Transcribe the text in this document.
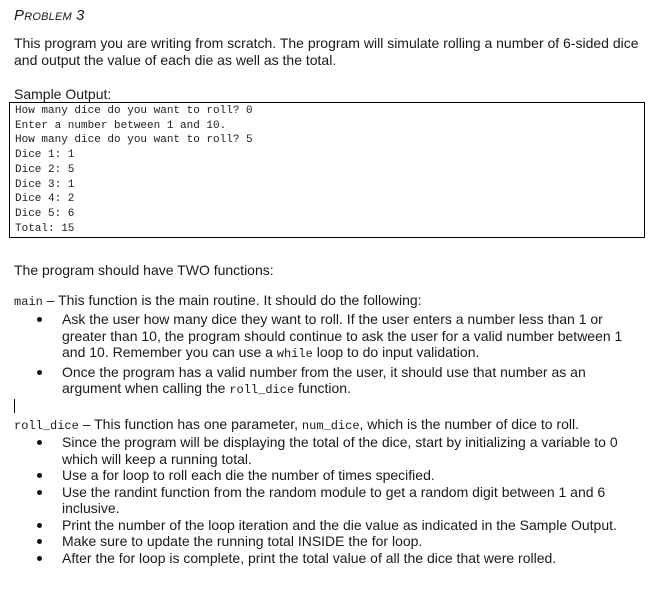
PROBLEM 3
This program you are writing from scratch. The program will simulate rolling a number of 6-sided dice and output the value of each die as well as the total.
Sample Output:
How many dice do you want to roll? 0
Enter a number between 1 and 10.
How many dice do you want to roll? 5
Dice 1: 1
Dice 2: 5
Dice 3: 1
Dice 4: 2
Dice 5: 6
Total: 15
The program should have TWO functions:
main – This function is the main routine. It should do the following:
Ask the user how many dice they want to roll. If the user enters a number less than 1 or greater than 10, the program should continue to ask the user for a valid number between 1 and 10. Remember you can use a while loop to do input validation.
Once the program has a valid number from the user, it should use that number as an argument when calling the roll_dice function.
roll_dice – This function has one parameter, num_dice, which is the number of dice to roll.
Since the program will be displaying the total of the dice, start by initializing a variable to 0 which will keep a running total.
Use a for loop to roll each die the number of times specified.
Use the randint function from the random module to get a random digit between 1 and 6 inclusive.
Print the number of the loop iteration and the die value as indicated in the Sample Output.
Make sure to update the running total INSIDE the for loop.
After the for loop is complete, print the total value of all the dice that were rolled.
